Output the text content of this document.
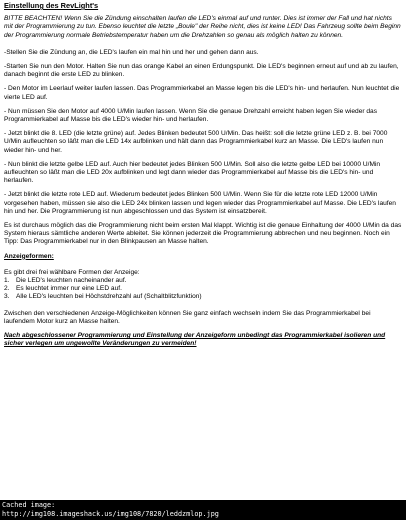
Einstellung des RevLight's
BITTE BEACHTEN! Wenn Sie die Zündung einschalten laufen die LED's einmal auf und runter. Dies ist immer der Fall und hat nichts mit der Programmierung zu tun. Ebenso leuchtet die letzte „Boule" der Reihe nicht, dies ist keine LED! Das Fahrzeug sollte beim Beginn der Programmierung normale Betriebstemperatur haben um die Drehzahlen so genau als möglich halten zu können.
-Stellen Sie die Zündung an, die LED's laufen ein mal hin und her und gehen dann aus.
-Starten Sie nun den Motor. Halten Sie nun das orange Kabel an einen Erdungspunkt. Die LED's beginnen erneut auf und ab zu laufen, danach beginnt die erste LED zu blinken.
- Den Motor im Leerlauf weiter laufen lassen. Das Programmierkabel an Masse legen bis die LED's hin- und herlaufen. Nun leuchtet die vierte LED auf.
- Nun müssen Sie den Motor auf 4000 U/Min laufen lassen. Wenn Sie die genaue Drehzahl erreicht haben legen Sie wieder das Programmierkabel auf Masse bis die LED's wieder hin- und herlaufen.
- Jetzt blinkt die 8. LED (die letzte grüne) auf. Jedes Blinken bedeutet 500 U/Min. Das heißt: soll die letzte grüne LED z. B. bei 7000 U/Min aufleuchten so läßt man die LED 14x aufblinken und hält dann das Programmierkabel kurz an Masse. Die LED's laufen nun wieder hin- und her.
- Nun blinkt die letzte gelbe LED auf. Auch hier bedeutet jedes Blinken 500 U/Min. Soll also die letzte gelbe LED bei 10000 U/Min aufleuchten so läßt man die LED 20x aufblinken und legt dann wieder das Programmierkabel auf Masse bis die LED's hin- und herlaufen.
- Jetzt blinkt die letzte rote LED auf. Wiederum bedeutet jedes Blinken 500 U/Min. Wenn Sie für die letzte rote LED 12000 U/Min vorgesehen haben, müssen sie also die LED 24x blinken lassen und legen wieder das Programmierkabel auf Masse. Die LED's laufen hin und her. Die Programmierung ist nun abgeschlossen und das System ist einsatzbereit.
Es ist durchaus möglich das die Programmierung nicht beim ersten Mal klappt. Wichtig ist die genaue Einhaltung der 4000 U/Min da das System hieraus sämtliche anderen Werte ableitet. Sie können jederzeit die Programmierung abbrechen und neu beginnen. Noch ein Tipp: Das Programmierkabel nur in den Blinkpausen an Masse halten.
Anzeigeformen:
Es gibt drei frei wählbare Formen der Anzeige:
1. Die LED's leuchten nacheinander auf.
2. Es leuchtet immer nur eine LED auf.
3. Alle LED's leuchten bei Höchstdrehzahl auf (Schaltblitzfunktion)
Zwischen den verschiedenen Anzeige-Möglichkeiten können Sie ganz einfach wechseln indem Sie das Programmierkabel bei laufendem Motor kurz an Masse halten.
Nach abgeschlossener Programmierung und Einstellung der Anzeigeform unbedingt das Programmierkabel isolieren und sicher verlegen um ungewollte Veränderungen zu vermeiden!
Cached image:
http://img108.imageshack.us/img108/7820/leddzmlop.jpg
